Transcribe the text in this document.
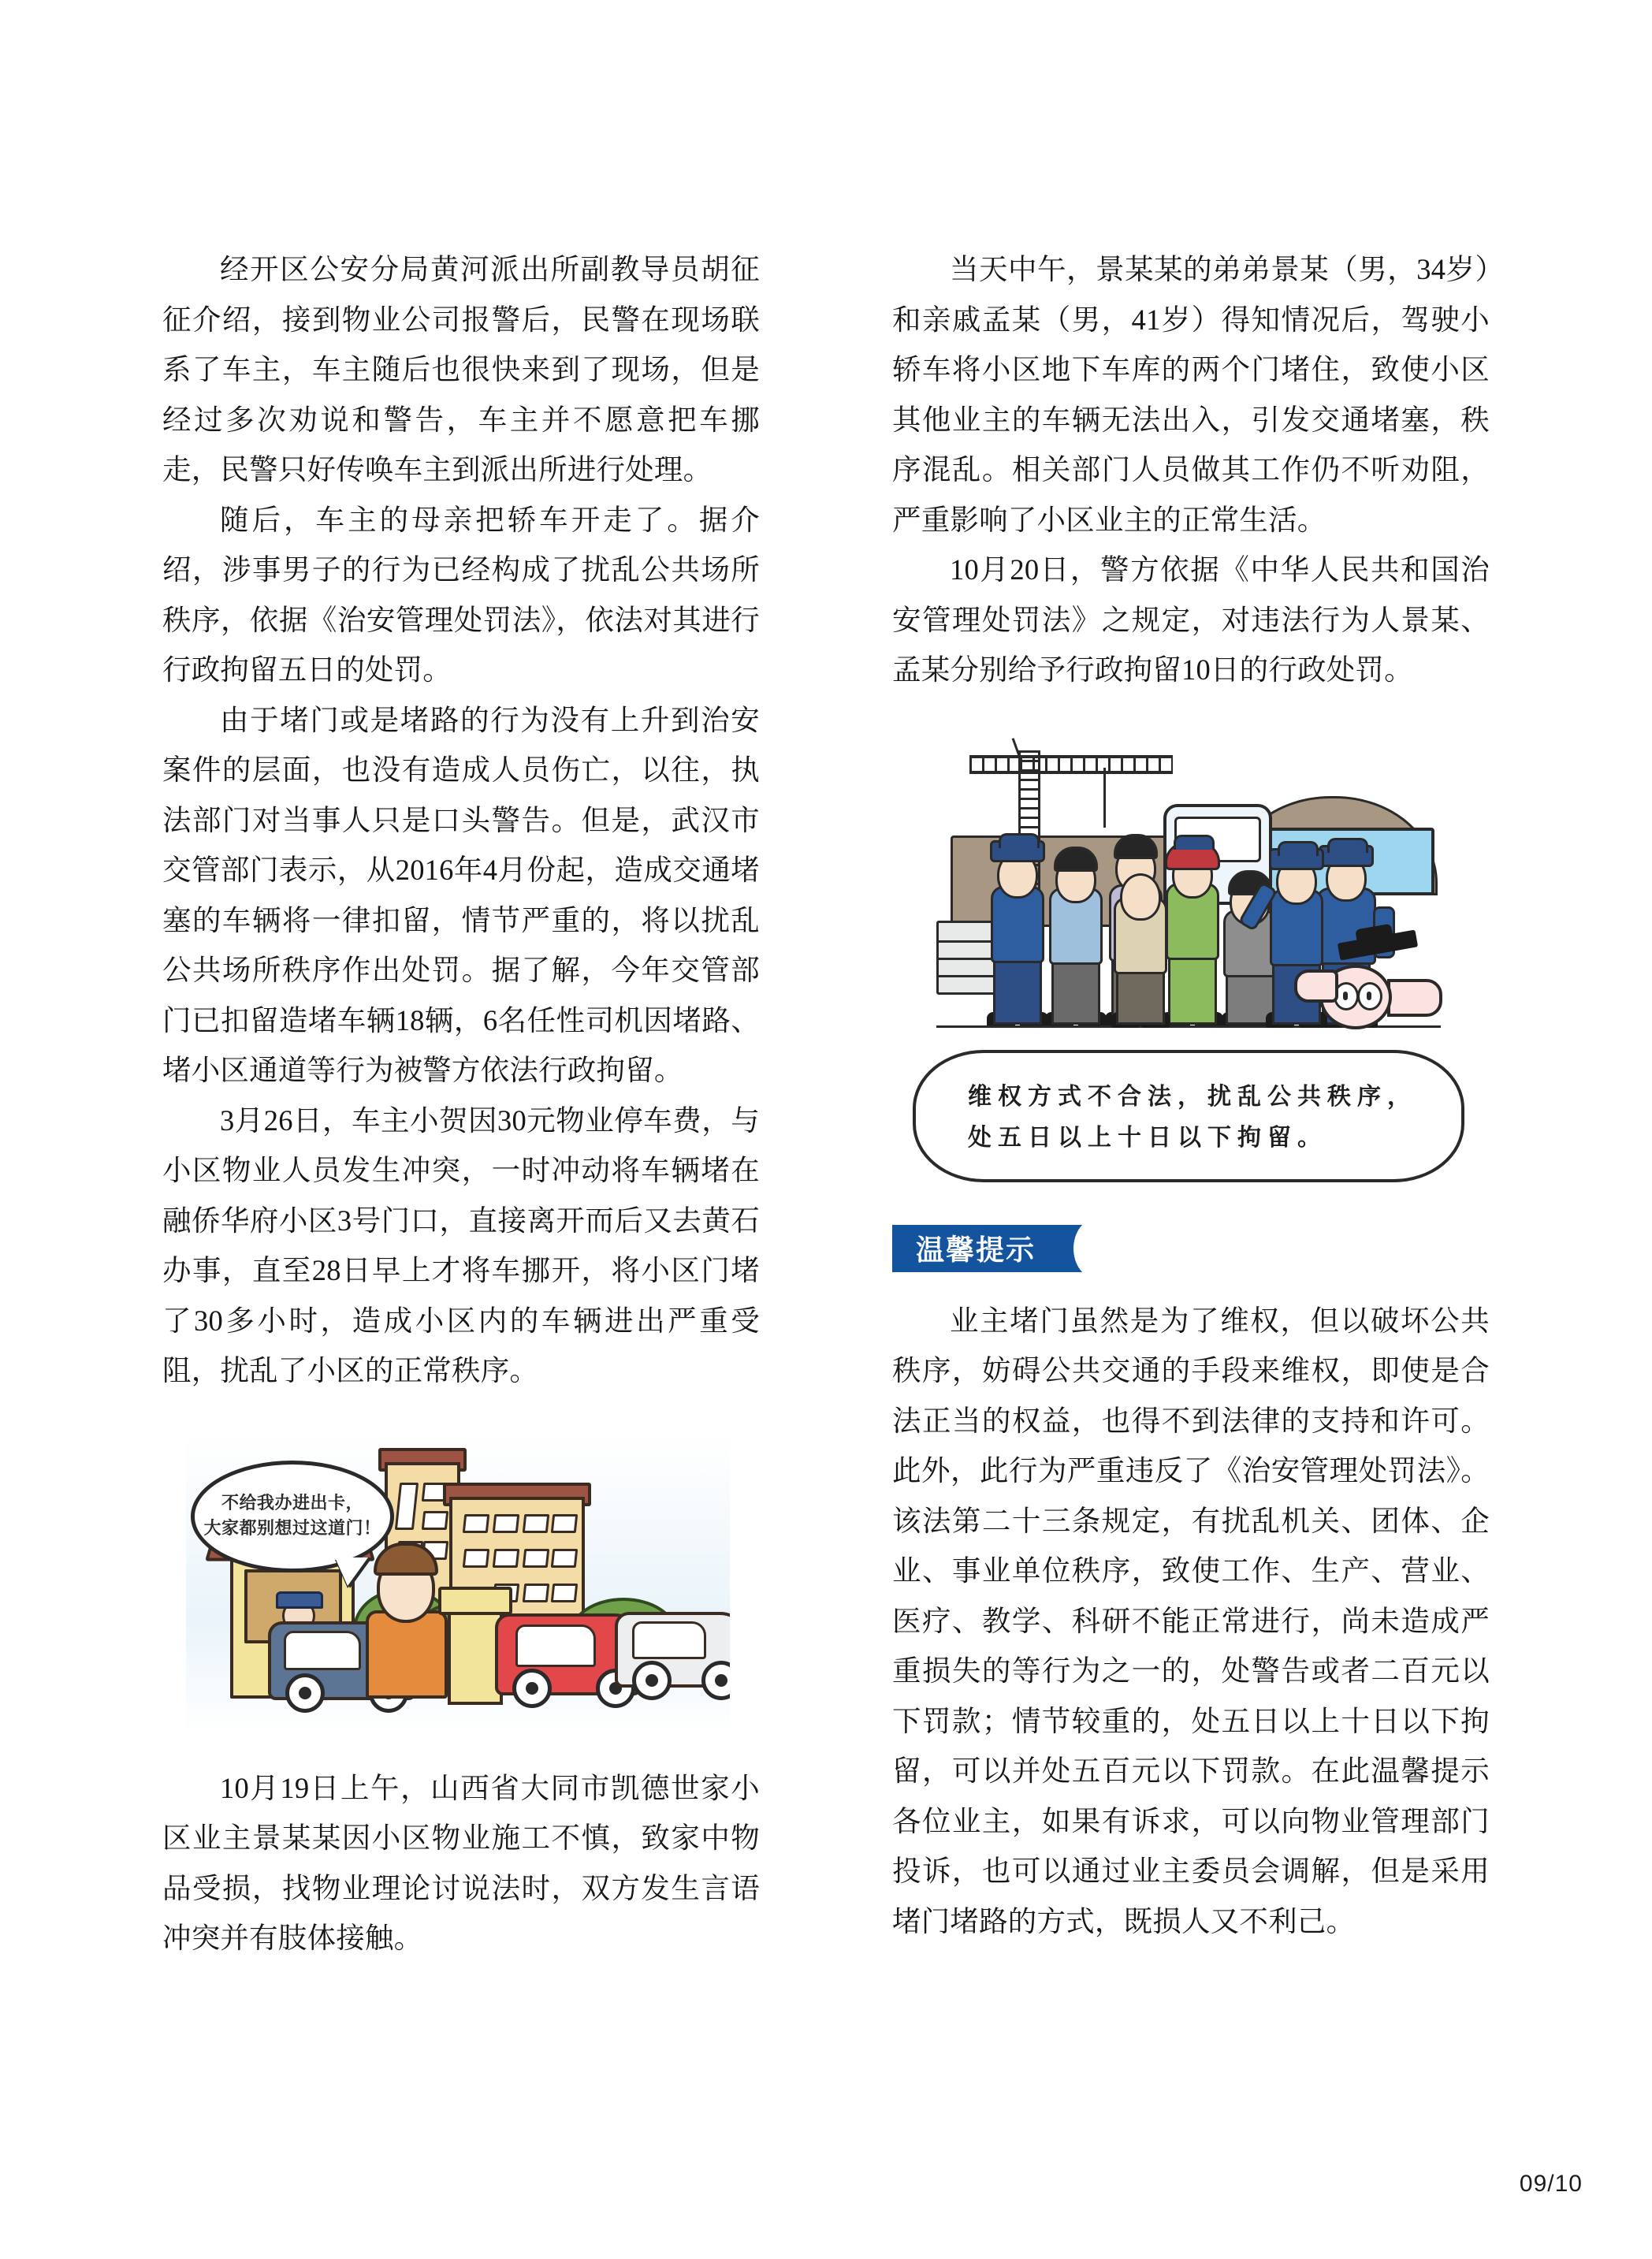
经开区公安分局黄河派出所副教导员胡征征介绍，接到物业公司报警后，民警在现场联系了车主，车主随后也很快来到了现场，但是经过多次劝说和警告，车主并不愿意把车挪走，民警只好传唤车主到派出所进行处理。

随后，车主的母亲把轿车开走了。据介绍，涉事男子的行为已经构成了扰乱公共场所秩序，依据《治安管理处罚法》，依法对其进行行政拘留五日的处罚。

由于堵门或是堵路的行为没有上升到治安案件的层面，也没有造成人员伤亡，以往，执法部门对当事人只是口头警告。但是，武汉市交管部门表示，从2016年4月份起，造成交通堵塞的车辆将一律扣留，情节严重的，将以扰乱公共场所秩序作出处罚。据了解，今年交管部门已扣留造堵车辆18辆，6名任性司机因堵路、堵小区通道等行为被警方依法行政拘留。

3月26日，车主小贺因30元物业停车费，与小区物业人员发生冲突，一时冲动将车辆堵在融侨华府小区3号门口，直接离开而后又去黄石办事，直至28日早上才将车挪开，将小区门堵了30多小时，造成小区内的车辆进出严重受阻，扰乱了小区的正常秩序。

不给我办进出卡，
大家都别想过这道门！

10月19日上午，山西省大同市凯德世家小区业主景某某因小区物业施工不慎，致家中物品受损，找物业理论讨说法时，双方发生言语冲突并有肢体接触。

当天中午，景某某的弟弟景某（男，34岁）和亲戚孟某（男，41岁）得知情况后，驾驶小轿车将小区地下车库的两个门堵住，致使小区其他业主的车辆无法出入，引发交通堵塞，秩序混乱。相关部门人员做其工作仍不听劝阻，严重影响了小区业主的正常生活。

10月20日，警方依据《中华人民共和国治安管理处罚法》之规定，对违法行为人景某、孟某分别给予行政拘留10日的行政处罚。

维权方式不合法，扰乱公共秩序，
处五日以上十日以下拘留。
温馨提示

业主堵门虽然是为了维权，但以破坏公共秩序，妨碍公共交通的手段来维权，即使是合法正当的权益，也得不到法律的支持和许可。此外，此行为严重违反了《治安管理处罚法》。该法第二十三条规定，有扰乱机关、团体、企业、事业单位秩序，致使工作、生产、营业、医疗、教学、科研不能正常进行，尚未造成严重损失的等行为之一的，处警告或者二百元以下罚款；情节较重的，处五日以上十日以下拘留，可以并处五百元以下罚款。在此温馨提示各位业主，如果有诉求，可以向物业管理部门投诉，也可以通过业主委员会调解，但是采用堵门堵路的方式，既损人又不利己。

09/10
